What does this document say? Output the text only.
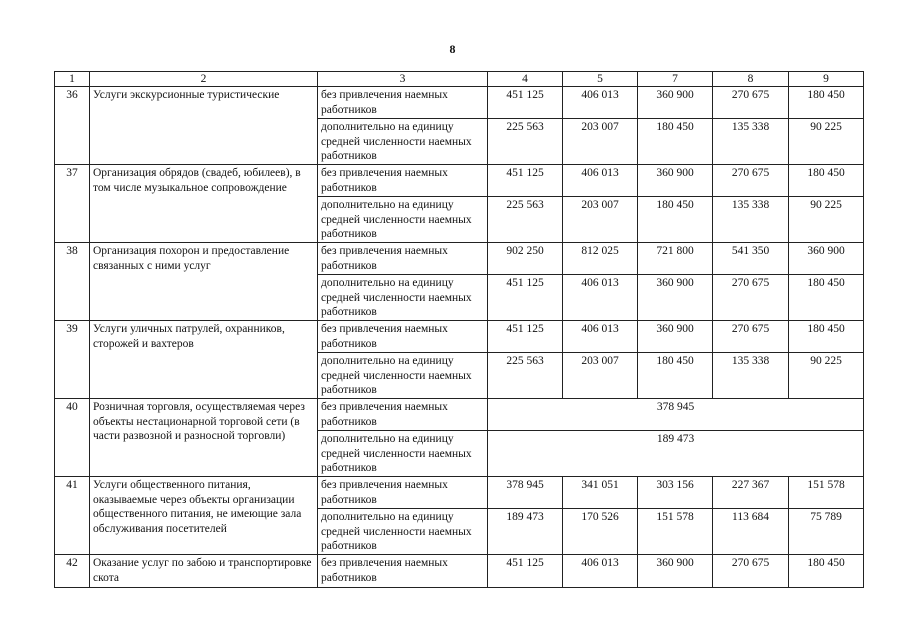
8
1	2	3	4	5	7	8	9
36	Услуги экскурсионные туристические	без привлечения наемных работников	451 125	406 013	360 900	270 675	180 450
		дополнительно на единицу средней численности наемных работников	225 563	203 007	180 450	135 338	90 225
37	Организация обрядов (свадеб, юбилеев), в том числе музыкальное сопровождение	без привлечения наемных работников	451 125	406 013	360 900	270 675	180 450
		дополнительно на единицу средней численности наемных работников	225 563	203 007	180 450	135 338	90 225
38	Организация похорон и предоставление связанных с ними услуг	без привлечения наемных работников	902 250	812 025	721 800	541 350	360 900
		дополнительно на единицу средней численности наемных работников	451 125	406 013	360 900	270 675	180 450
39	Услуги уличных патрулей, охранников, сторожей и вахтеров	без привлечения наемных работников	451 125	406 013	360 900	270 675	180 450
		дополнительно на единицу средней численности наемных работников	225 563	203 007	180 450	135 338	90 225
40	Розничная торговля, осуществляемая через объекты нестационарной торговой сети (в части развозной и разносной торговли)	без привлечения наемных работников	378 945				
		дополнительно на единицу средней численности наемных работников	189 473				
41	Услуги общественного питания, оказываемые через объекты организации общественного питания, не имеющие зала обслуживания посетителей	без привлечения наемных работников	378 945	341 051	303 156	227 367	151 578
		дополнительно на единицу средней численности наемных работников	189 473	170 526	151 578	113 684	75 789
42	Оказание услуг по забою и транспортировке скота	без привлечения наемных работников	451 125	406 013	360 900	270 675	180 450
